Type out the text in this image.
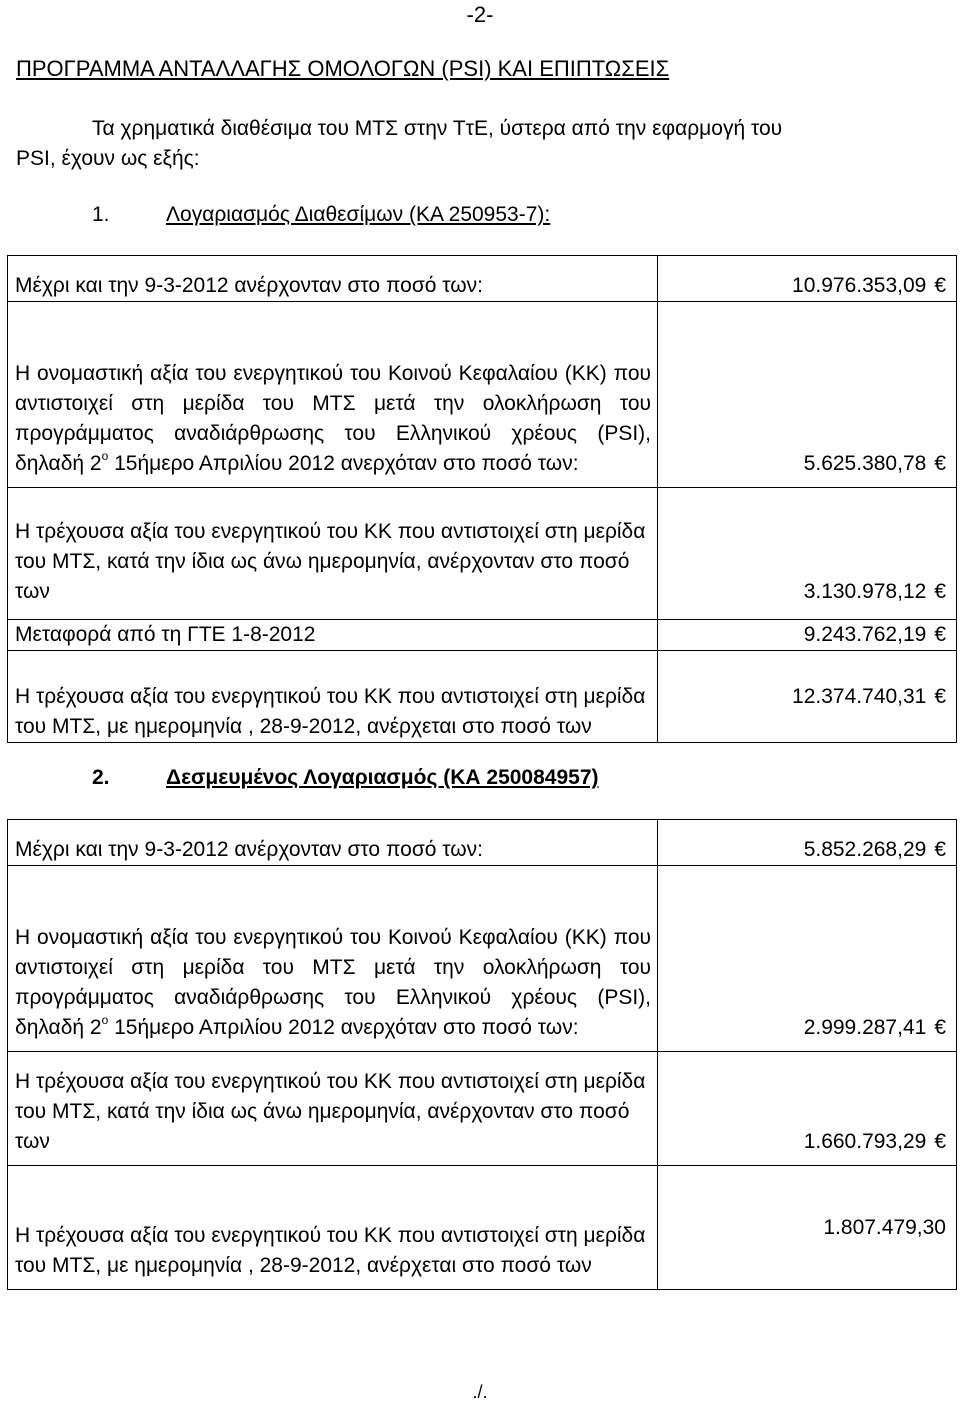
-2-
ΠΡΟΓΡΑΜΜΑ ΑΝΤΑΛΛΑΓΗΣ ΟΜΟΛΟΓΩΝ (PSI) ΚΑΙ ΕΠΙΠΤΩΣΕΙΣ
Τα χρηματικά διαθέσιμα του ΜΤΣ στην ΤτΕ, ύστερα από την εφαρμογή του
PSI, έχουν ως εξής:
1.	Λογαριασμός Διαθεσίμων (ΚΑ 250953-7):
Μέχρι και την 9-3-2012 ανέρχονταν στο ποσό των:	10.976.353,09 €
Η ονομαστική αξία του ενεργητικού του Κοινού Κεφαλαίου (ΚΚ) που αντιστοιχεί στη μερίδα του ΜΤΣ μετά την ολοκλήρωση του προγράμματος αναδιάρθρωσης του Ελληνικού χρέους (PSI), δηλαδή $2^o$ 15ήμερο Απριλίου 2012 ανερχόταν στο ποσό των:	5.625.380,78 €
Η τρέχουσα αξία του ενεργητικού του ΚΚ που αντιστοιχεί στη μερίδα του ΜΤΣ, κατά την ίδια ως άνω ημερομηνία, ανέρχονταν στο ποσό των	3.130.978,12 €
Μεταφορά από τη ΓΤΕ 1-8-2012	9.243.762,19 €
Η τρέχουσα αξία του ενεργητικού του ΚΚ που αντιστοιχεί στη μερίδα του ΜΤΣ, με ημερομηνία , 28-9-2012, ανέρχεται στο ποσό των	12.374.740,31 €
2.	Δεσμευμένος Λογαριασμός (ΚΑ 250084957)
Μέχρι και την 9-3-2012 ανέρχονταν στο ποσό των:	5.852.268,29 €
Η ονομαστική αξία του ενεργητικού του Κοινού Κεφαλαίου (ΚΚ) που αντιστοιχεί στη μερίδα του ΜΤΣ μετά την ολοκλήρωση του προγράμματος αναδιάρθρωσης του Ελληνικού χρέους (PSI), δηλαδή $2^o$ 15ήμερο Απριλίου 2012 ανερχόταν στο ποσό των:	2.999.287,41 €
Η τρέχουσα αξία του ενεργητικού του ΚΚ που αντιστοιχεί στη μερίδα του ΜΤΣ, κατά την ίδια ως άνω ημερομηνία, ανέρχονταν στο ποσό των	1.660.793,29 €
Η τρέχουσα αξία του ενεργητικού του ΚΚ που αντιστοιχεί στη μερίδα του ΜΤΣ, με ημερομηνία , 28-9-2012, ανέρχεται στο ποσό των	1.807.479,30
./.
